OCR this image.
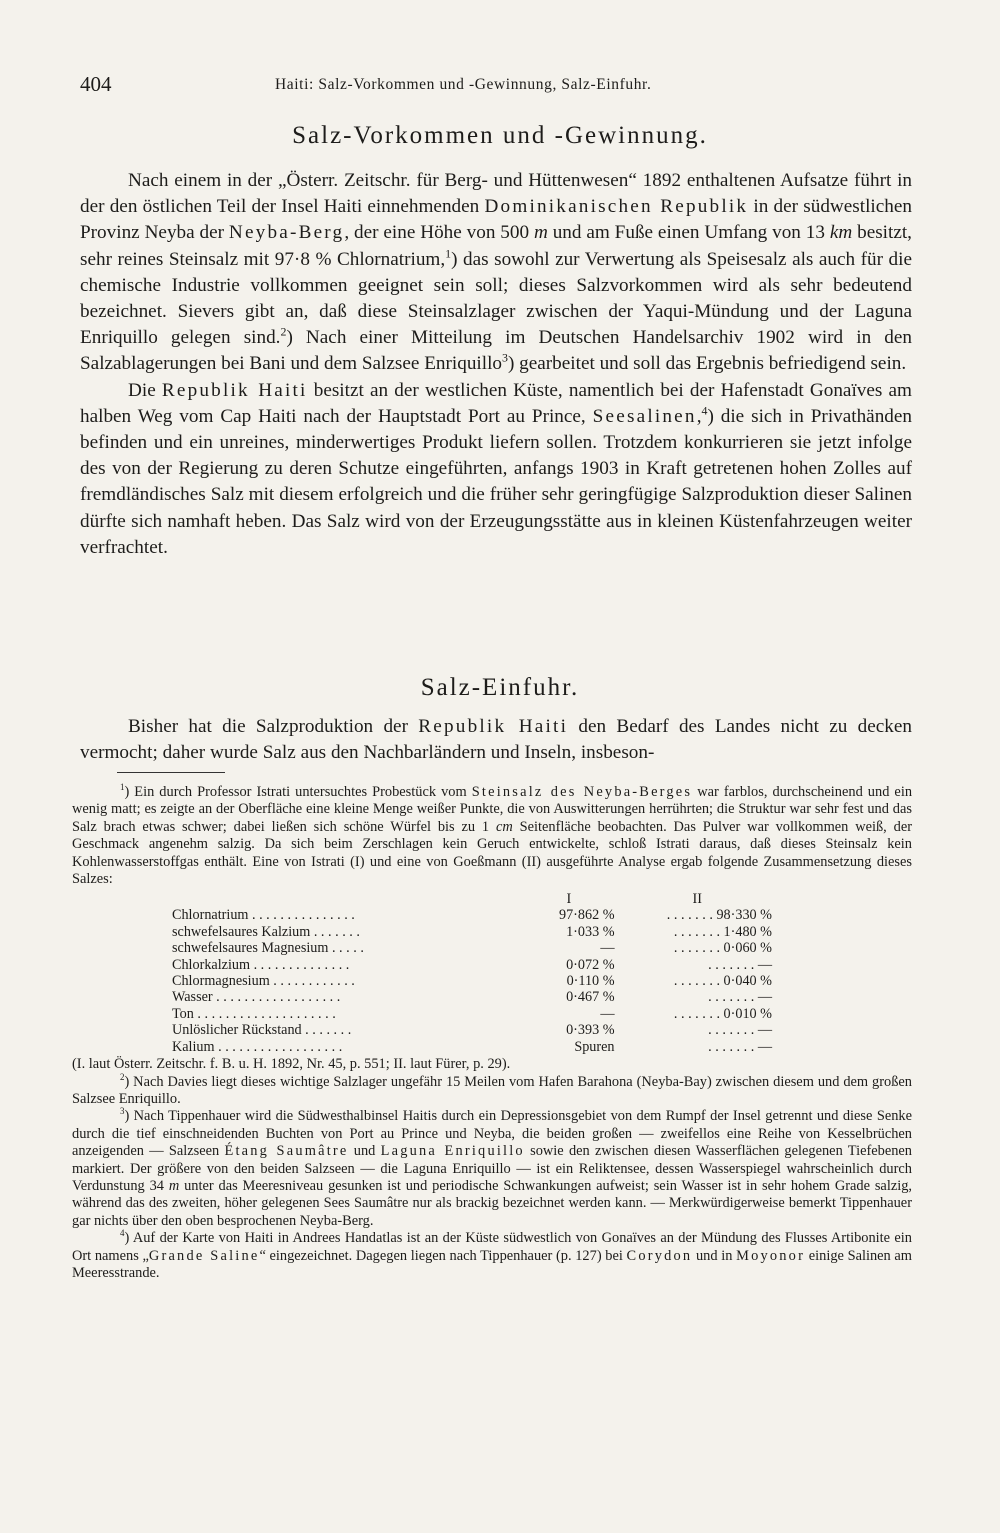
404	Haiti: Salz-Vorkommen und -Gewinnung, Salz-Einfuhr.
Salz-Vorkommen und -Gewinnung.

Nach einem in der „Österr. Zeitschr. für Berg- und Hüttenwesen“ 1892 enthaltenen Aufsatze führt in der den östlichen Teil der Insel Haiti einnehmenden Dominikanischen Republik in der südwestlichen Provinz Neyba der Neyba-Berg, der eine Höhe von 500 m und am Fuße einen Umfang von 13 km besitzt, sehr reines Steinsalz mit 97·8 % Chlornatrium,$^1$) das sowohl zur Verwertung als Speisesalz als auch für die chemische Industrie vollkommen geeignet sein soll; dieses Salzvorkommen wird als sehr bedeutend bezeichnet. Sievers gibt an, daß diese Steinsalzlager zwischen der Yaqui-Mündung und der Laguna Enriquillo gelegen sind.$^2$) Nach einer Mitteilung im Deutschen Handelsarchiv 1902 wird in den Salzablagerungen bei Bani und dem Salzsee Enriquillo$^3$) gearbeitet und soll das Ergebnis befriedigend sein.

Die Republik Haiti besitzt an der westlichen Küste, namentlich bei der Hafenstadt Gonaïves am halben Weg vom Cap Haiti nach der Hauptstadt Port au Prince, Seesalinen,$^4$) die sich in Privathänden befinden und ein unreines, minderwertiges Produkt liefern sollen. Trotzdem konkurrieren sie jetzt infolge des von der Regierung zu deren Schutze eingeführten, anfangs 1903 in Kraft getretenen hohen Zolles auf fremdländisches Salz mit diesem erfolgreich und die früher sehr geringfügige Salzproduktion dieser Salinen dürfte sich namhaft heben. Das Salz wird von der Erzeugungsstätte aus in kleinen Küstenfahrzeugen weiter verfrachtet.

Salz-Einfuhr.

Bisher hat die Salzproduktion der Republik Haiti den Bedarf des Landes nicht zu decken vermocht; daher wurde Salz aus den Nachbarländern und Inseln, insbeson-

$^1$) Ein durch Professor Istrati untersuchtes Probestück vom Steinsalz des Neyba-Berges war farblos, durchscheinend und ein wenig matt; es zeigte an der Oberfläche eine kleine Menge weißer Punkte, die von Auswitterungen herrührten; die Struktur war sehr fest und das Salz brach etwas schwer; dabei ließen sich schöne Würfel bis zu 1 cm Seitenfläche beobachten. Das Pulver war vollkommen weiß, der Geschmack angenehm salzig. Da sich beim Zerschlagen kein Geruch entwickelte, schloß Istrati daraus, daß dieses Steinsalz kein Kohlenwasserstoffgas enthält. Eine von Istrati (I) und eine von Goeßmann (II) ausgeführte Analyse ergab folgende Zusammensetzung dieses Salzes:

	I	II
Chlornatrium . . . . . . . . . . . . . . .	97·862 %	. . . . . . . 98·330 %
schwefelsaures Kalzium . . . . . . .	1·033 %	. . . . . . . 1·480 %
schwefelsaures Magnesium . . . . .	—	. . . . . . . 0·060 %
Chlorkalzium . . . . . . . . . . . . . .	0·072 %	. . . . . . . —
Chlormagnesium . . . . . . . . . . . .	0·110 %	. . . . . . . 0·040 %
Wasser . . . . . . . . . . . . . . . . . .	0·467 %	. . . . . . . —
Ton . . . . . . . . . . . . . . . . . . . .	—	. . . . . . . 0·010 %
Unlöslicher Rückstand . . . . . . .	0·393 %	. . . . . . . —
Kalium . . . . . . . . . . . . . . . . . .	Spuren	. . . . . . . —

(I. laut Österr. Zeitschr. f. B. u. H. 1892, Nr. 45, p. 551; II. laut Fürer, p. 29).

$^2$) Nach Davies liegt dieses wichtige Salzlager ungefähr 15 Meilen vom Hafen Barahona (Neyba-Bay) zwischen diesem und dem großen Salzsee Enriquillo.

$^3$) Nach Tippenhauer wird die Südwesthalbinsel Haitis durch ein Depressionsgebiet von dem Rumpf der Insel getrennt und diese Senke durch die tief einschneidenden Buchten von Port au Prince und Neyba, die beiden großen — zweifellos eine Reihe von Kesselbrüchen anzeigenden — Salzseen Étang Saumâtre und Laguna Enriquillo sowie den zwischen diesen Wasserflächen gelegenen Tiefebenen markiert. Der größere von den beiden Salzseen — die Laguna Enriquillo — ist ein Reliktensee, dessen Wasserspiegel wahrscheinlich durch Verdunstung 34 m unter das Meeresniveau gesunken ist und periodische Schwankungen aufweist; sein Wasser ist in sehr hohem Grade salzig, während das des zweiten, höher gelegenen Sees Saumâtre nur als brackig bezeichnet werden kann. — Merkwürdigerweise bemerkt Tippenhauer gar nichts über den oben besprochenen Neyba-Berg.

$^4$) Auf der Karte von Haiti in Andrees Handatlas ist an der Küste südwestlich von Gonaïves an der Mündung des Flusses Artibonite ein Ort namens „Grande Saline“ eingezeichnet. Dagegen liegen nach Tippenhauer (p. 127) bei Corydon und in Moyonor einige Salinen am Meeresstrande.
